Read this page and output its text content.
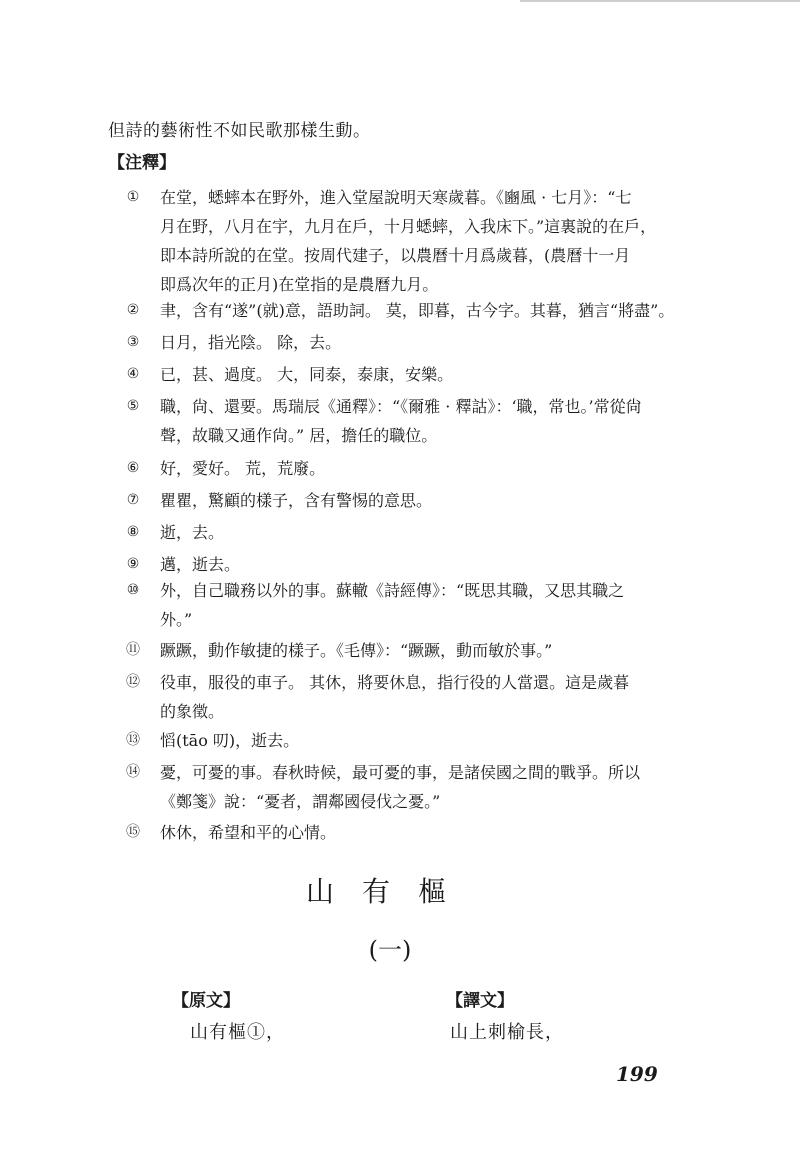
但詩的藝術性不如民歌那樣生動。
【注釋】
①	在堂，蟋蟀本在野外，進入堂屋說明天寒歲暮。《豳風 · 七月》：“七
月在野，八月在宇，九月在戶，十月蟋蟀，入我床下。”這裏說的在戶，
即本詩所說的在堂。按周代建子，以農曆十月爲歲暮，(農曆十一月
即爲次年的正月)在堂指的是農曆九月。
②	聿，含有“遂”(就)意，語助詞。 莫，即暮，古今字。其暮，猶言“將盡”。
③	日月，指光陰。 除，去。
④	已，甚、過度。 大，同泰，泰康，安樂。
⑤	職，尙、還要。馬瑞辰《通釋》：“《爾雅 · 釋詁》：‘職，常也。’常從尙
聲，故職又通作尙。” 居，擔任的職位。
⑥	好，愛好。 荒，荒廢。
⑦	瞿瞿，驚顧的樣子，含有警惕的意思。
⑧	逝，去。
⑨	邁，逝去。
⑩	外，自己職務以外的事。蘇轍《詩經傳》：“既思其職，又思其職之
外。”
⑪	蹶蹶，動作敏捷的樣子。《毛傳》：“蹶蹶，動而敏於事。”
⑫	役車，服役的車子。 其休，將要休息，指行役的人當還。這是歲暮
的象徵。
⑬	慆(tāo 叨)，逝去。
⑭	憂，可憂的事。春秋時候，最可憂的事，是諸侯國之間的戰爭。所以
《鄭箋》說：“憂者，謂鄰國侵伐之憂。”
⑮	休休，希望和平的心情。
山有樞
(一)
【原文】	【譯文】
山有樞①，	山上刺榆長，
199
